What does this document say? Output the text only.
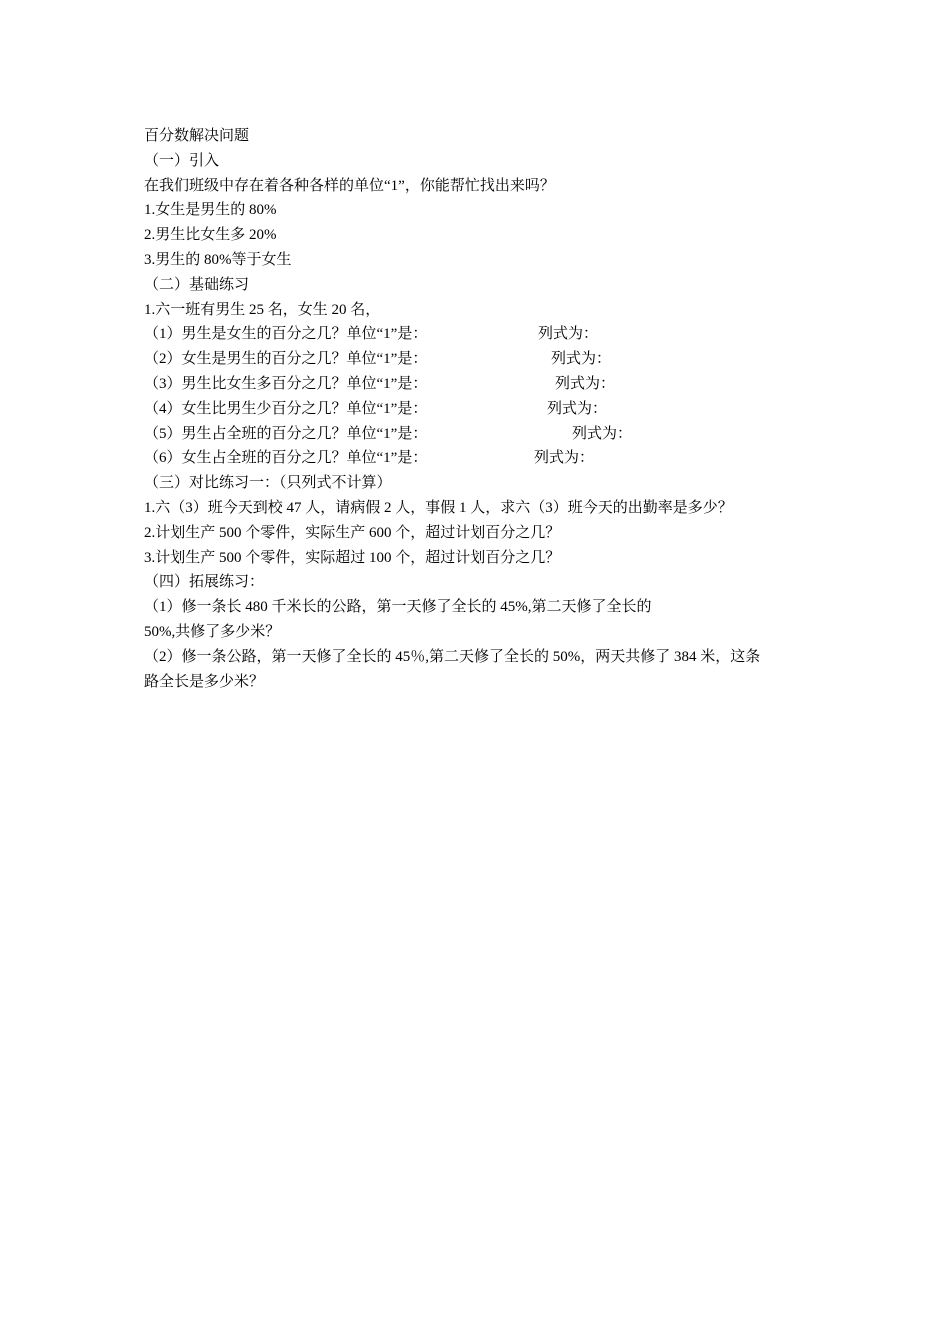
百分数解决问题
（一）引入
在我们班级中存在着各种各样的单位“1”，你能帮忙找出来吗？
1.女生是男生的 80%
2.男生比女生多 20%
3.男生的 80%等于女生
（二）基础练习
1.六一班有男生 25 名，女生 20 名，
（1）男生是女生的百分之几？单位“1”是：	列式为：
（2）女生是男生的百分之几？单位“1”是：	列式为：
（3）男生比女生多百分之几？单位“1”是：	列式为：
（4）女生比男生少百分之几？单位“1”是：	列式为：
（5）男生占全班的百分之几？单位“1”是：	列式为：
（6）女生占全班的百分之几？单位“1”是：	列式为：
（三）对比练习一：（只列式不计算）
1.六（3）班今天到校 47 人，请病假 2 人，事假 1 人，求六（3）班今天的出勤率是多少？
2.计划生产 500 个零件，实际生产 600 个，超过计划百分之几？
3.计划生产 500 个零件，实际超过 100 个，超过计划百分之几？
（四）拓展练习：
（1）修一条长 480 千米长的公路，第一天修了全长的 45%,第二天修了全长的
50%,共修了多少米？
（2）修一条公路，第一天修了全长的 45％,第二天修了全长的 50%，两天共修了 384 米，这条
路全长是多少米？
